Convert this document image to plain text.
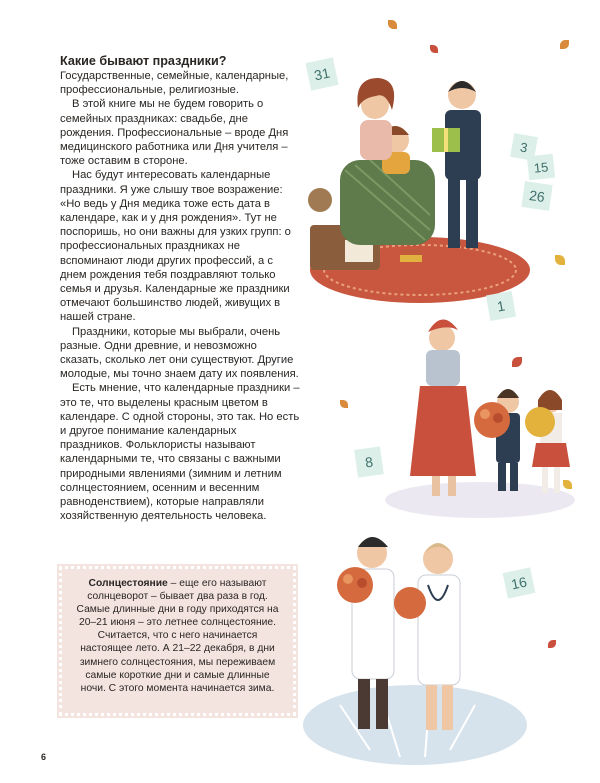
Какие бывают праздники?

Государственные, семейные, календарные, профессиональные, религиозные.

В этой книге мы не будем говорить о семейных праздниках: свадьбе, дне рождения. Профессиональные – вроде Дня медицинского работника или Дня учителя – тоже оставим в стороне.

Нас будут интересовать календарные праздники. Я уже слышу твое возражение: «Но ведь у Дня медика тоже есть дата в календаре, как и у дня рождения». Тут не поспоришь, но они важны для узких групп: о профессиональных праздниках не вспоминают люди других профессий, а с днем рождения тебя поздравляют только семья и друзья. Календарные же праздники отмечают большинство людей, живущих в нашей стране.

Праздники, которые мы выбрали, очень разные. Одни древние, и невозможно сказать, сколько лет они существуют. Другие молодые, мы точно знаем дату их появления.

Есть мнение, что календарные праздники – это те, что выделены красным цветом в календаре. С одной стороны, это так. Но есть и другое понимание календарных праздников. Фольклористы называют календарными те, что связаны с важными природными явлениями (зимним и летним солнцестоянием, осенним и весенним равноденствием), которые направляли хозяйственную деятельность человека.

Солнцестояние – еще его называют солнцеворот – бывает два раза в год. Самые длинные дни в году приходятся на 20–21 июня – это летнее солнцестояние. Считается, что с него начинается настоящее лето. А 21–22 декабря, в дни зимнего солнцестояния, мы переживаем самые короткие дни и самые длинные ночи. С этого момента начинается зима.
6
31
3
15
26
1
8
16
